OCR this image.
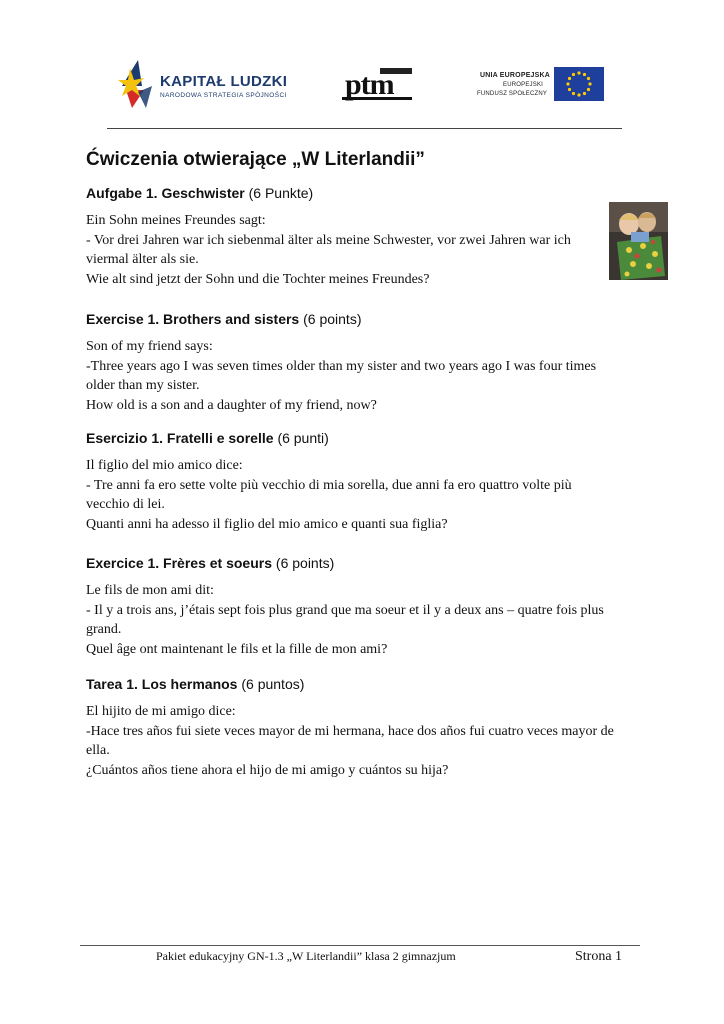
KAPITAŁ LUDZKI
NARODOWA STRATEGIA SPÓJNOŚCI ptm	UNIA EUROPEJSKA
EUROPEJSKI
FUNDUSZ SPOŁECZNY
Ćwiczenia otwierające „W Literlandii”
Aufgabe 1. Geschwister (6 Punkte)
Ein Sohn meines Freundes sagt:
- Vor drei Jahren war ich siebenmal älter als meine Schwester, vor zwei Jahren war ich
viermal älter als sie.
Wie alt sind jetzt der Sohn und die Tochter meines Freundes?
Exercise 1. Brothers and sisters (6 points)
Son of my friend says:
-Three years ago I was seven times older than my sister and two years ago I was four times
older than my sister.
How old is a son and a daughter of my friend, now?
Esercizio 1. Fratelli e sorelle (6 punti)
Il figlio del mio amico dice:
- Tre anni fa ero sette volte più vecchio di mia sorella, due anni fa ero quattro volte più
vecchio di lei.
Quanti anni ha adesso il figlio del mio amico e quanti sua figlia?
Exercice 1. Frères et soeurs (6 points)
Le fils de mon ami dit:
- Il y a trois ans, j’étais sept fois plus grand que ma soeur et il y a deux ans – quatre fois plus
grand.
Quel âge ont maintenant le fils et la fille de mon ami?
Tarea 1. Los hermanos (6 puntos)
El hijito de mi amigo dice:
-Hace tres años fui siete veces mayor de mi hermana, hace dos años fui cuatro veces mayor de
ella.
¿Cuántos años tiene ahora el hijo de mi amigo y cuántos su hija?
Pakiet edukacyjny GN-1.3 „W Literlandii” klasa 2 gimnazjum	Strona 1
